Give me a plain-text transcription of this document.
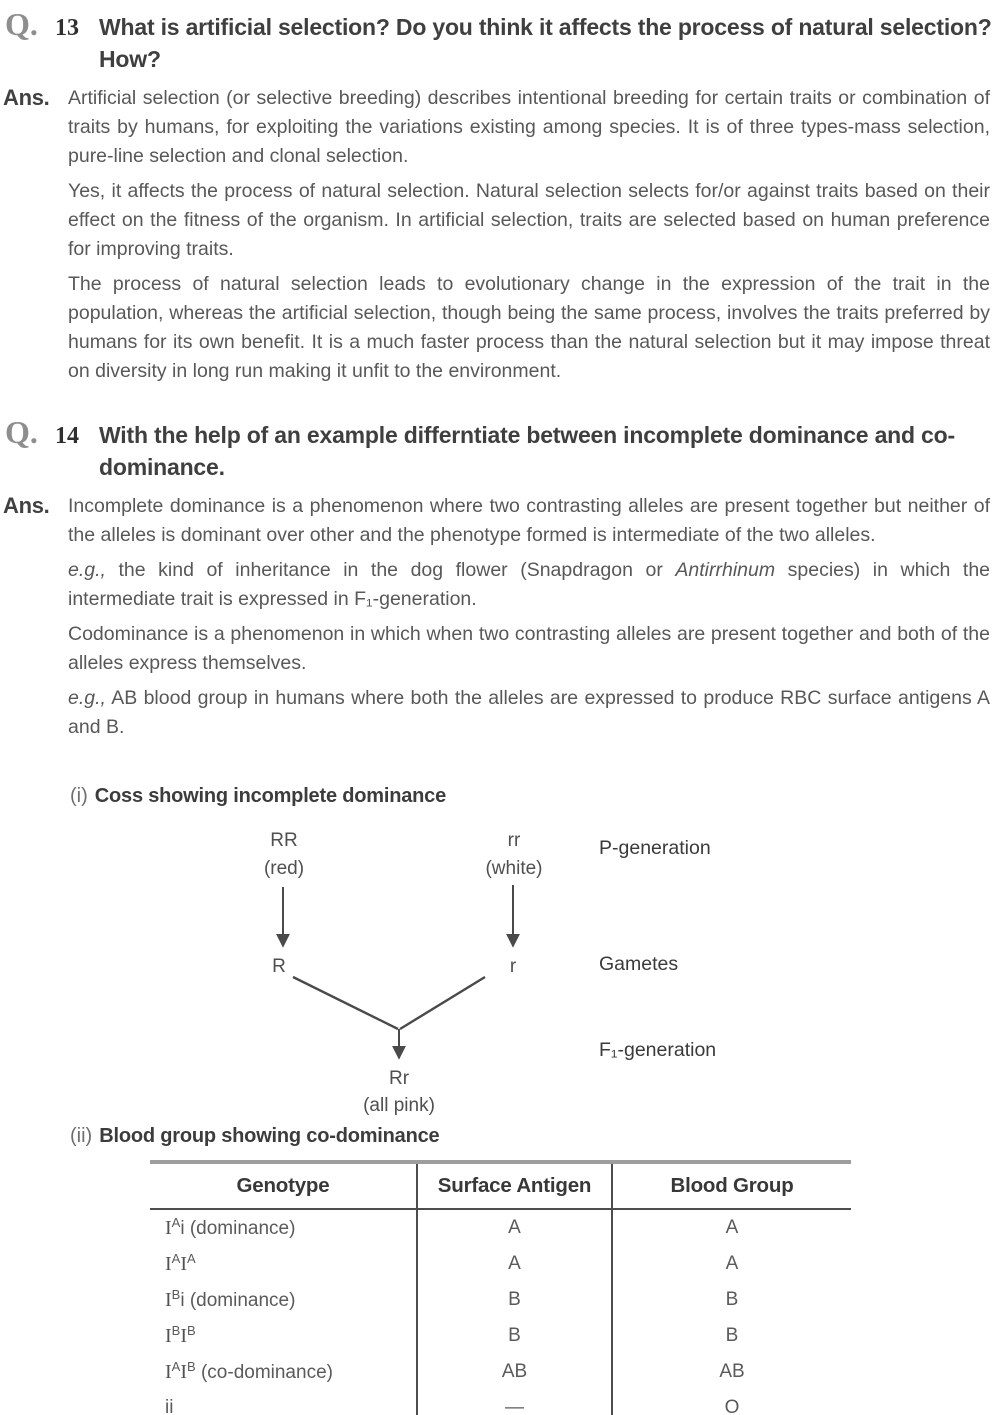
Q. 13 What is artificial selection? Do you think it affects the process of natural selection? How?
Ans. Artificial selection (or selective breeding) describes intentional breeding for certain traits or combination of traits by humans, for exploiting the variations existing among species. It is of three types-mass selection, pure-line selection and clonal selection.

Yes, it affects the process of natural selection. Natural selection selects for/or against traits based on their effect on the fitness of the organism. In artificial selection, traits are selected based on human preference for improving traits.

The process of natural selection leads to evolutionary change in the expression of the trait in the population, whereas the artificial selection, though being the same process, involves the traits preferred by humans for its own benefit. It is a much faster process than the natural selection but it may impose threat on diversity in long run making it unfit to the environment.

Q. 14 With the help of an example differntiate between incomplete dominance and co-dominance.
Ans. Incomplete dominance is a phenomenon where two contrasting alleles are present together but neither of the alleles is dominant over other and the phenotype formed is intermediate of the two alleles.

e.g., the kind of inheritance in the dog flower (Snapdragon or Antirrhinum species) in which the intermediate trait is expressed in F₁-generation.

Codominance is a phenomenon in which when two contrasting alleles are present together and both of the alleles express themselves.

e.g., AB blood group in humans where both the alleles are expressed to produce RBC surface antigens A and B.

(i) Coss showing incomplete dominance
RR
(red)
rr
(white)
P-generation
R	r	Gametes
F₁-generation
Rr
(all pink)
(ii) Blood group showing co-dominance
Genotype	Surface Antigen	Blood Group
$I^Ai$ (dominance)	A	A
$I^AI^A$	A	A
$I^Bi$ (dominance)	B	B
$I^BI^B$	B	B
$I^AI^B$ (co-dominance)	AB	AB
ii	—	O
